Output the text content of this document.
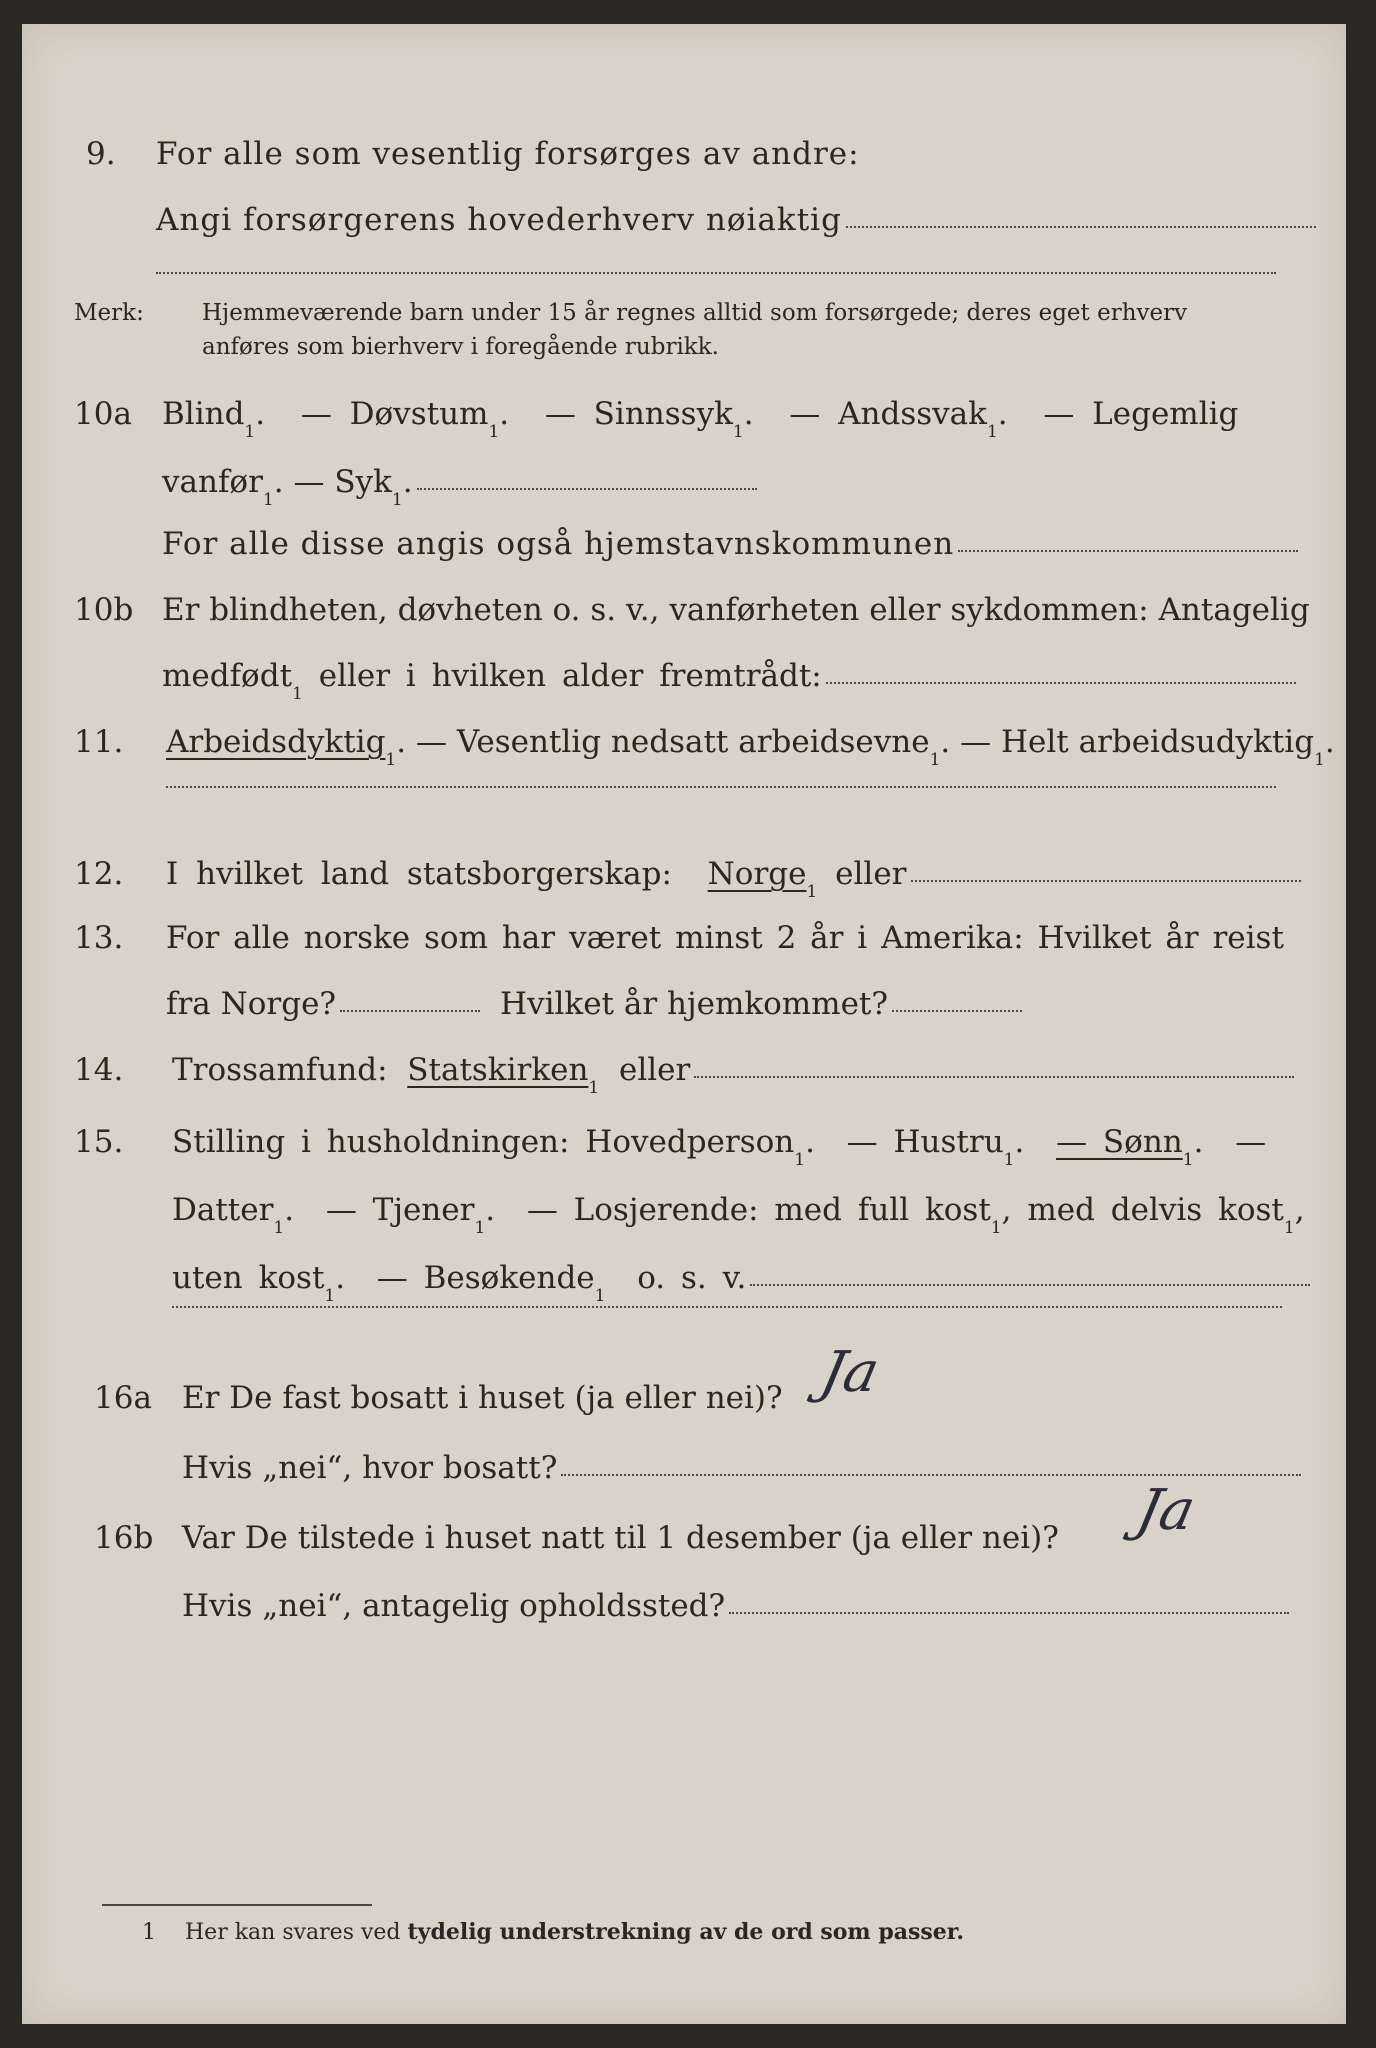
9.	For alle som vesentlig forsørges av andre:
Angi forsørgerens hovederhverv nøiaktig
Merk:	Hjemmeværende barn under 15 år regnes alltid som forsørgede; deres eget erhverv
anføres som bierhverv i foregående rubrikk.
10a Blind 1 . — Døvstum 1 . — Sinnssyk 1 . — Andssvak 1 . — Legemlig
vanfør 1 . — Syk 1 .
For alle disse angis også hjemstavnskommunen
10b Er blindheten, døvheten o. s. v., vanførheten eller sykdommen: Antagelig
medfødt 1
eller i hvilken alder fremtrådt:
11.	Arbeidsdyktig 1 . — Vesentlig nedsatt arbeidsevne 1 . — Helt arbeidsudyktig 1 .
12.	I hvilket land statsborgerskap:
Norge 1
eller
13.	For alle norske som har været minst 2 år i Amerika: Hvilket år reist
fra Norge?	Hvilket år hjemkommet?
14.	Trossamfund:
Statskirken 1
eller
15.	Stilling i husholdningen: Hovedperson 1 . — Hustru 1 . — Sønn 1 . —
Datter 1 . — Tjener 1 . — Losjerende: med full kost 1 , med delvis kost 1 ,
uten kost 1 . — Besøkende 1
o. s. v.
16a Er De fast bosatt i huset (ja eller nei)? Ja
Hvis „nei“, hvor bosatt?
16b Var De tilstede i huset natt til 1 desember (ja eller nei)? Ja
Hvis „nei“, antagelig opholdssted?
1 Her kan svares ved tydelig understrekning av de ord som passer.
